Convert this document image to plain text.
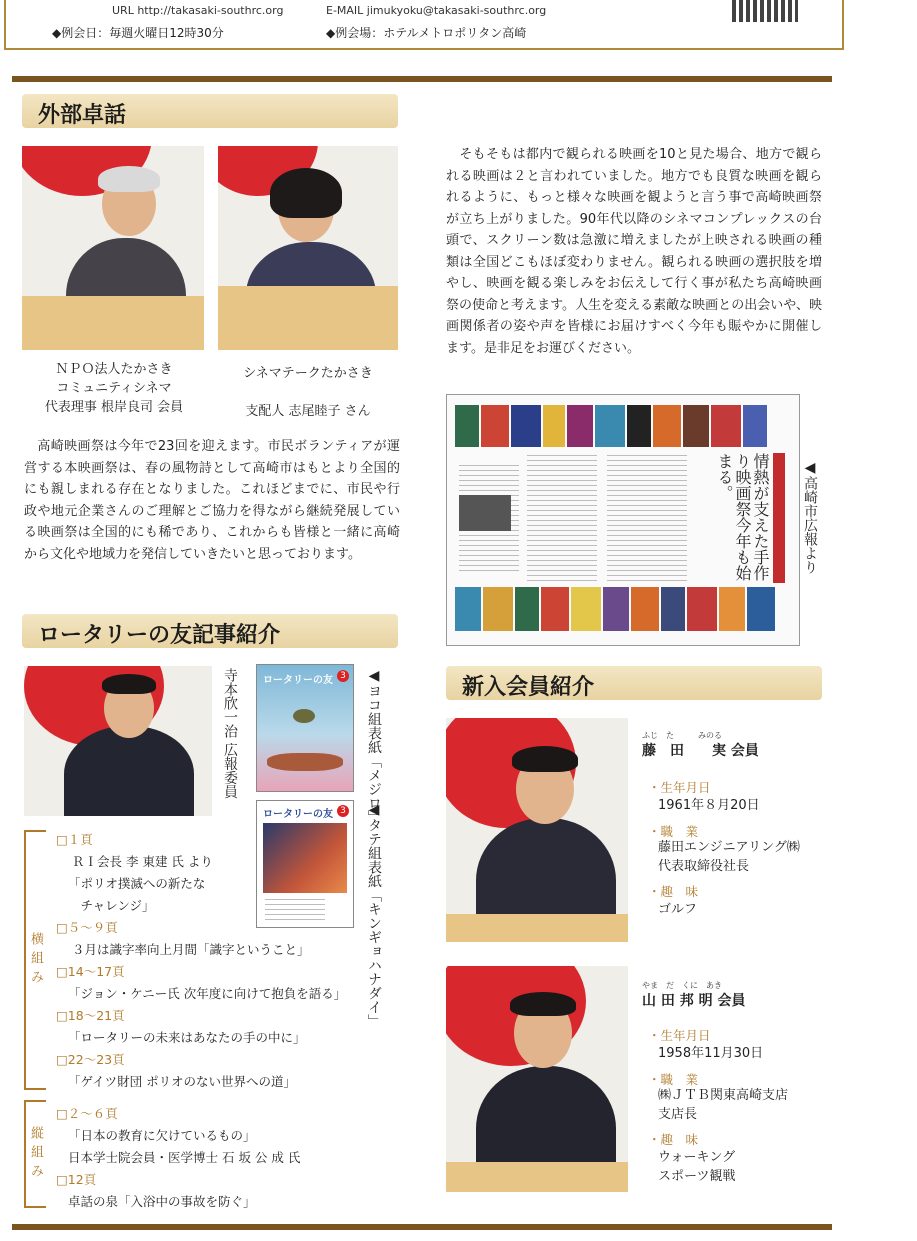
URL http://takasaki-southrc.org	E-MAIL jimukyoku@takasaki-southrc.org
◆例会日：毎週火曜日12時30分	◆例会場：ホテルメトロポリタン高崎
外部卓話
ＮＰＯ法人たかさき
コミュニティシネマ
代表理事 根岸良司 会員
シネマテークたかさき

支配人 志尾睦子 さん
　高崎映画祭は今年で23回を迎えます。市民ボランティアが運営する本映画祭は、春の風物詩として高崎市はもとより全国的にも親しまれる存在となりました。これほどまでに、市民や行政や地元企業さんのご理解とご協力を得ながら継続発展している映画祭は全国的にも稀であり、これからも皆様と一緒に高崎から文化や地域力を発信していきたいと思っております。
　そもそもは都内で観られる映画を10と見た場合、地方で観られる映画は２と言われていました。地方でも良質な映画を観られるように、もっと様々な映画を観ようと言う事で高崎映画祭が立ち上がりました。90年代以降のシネマコンプレックスの台頭で、スクリーン数は急激に増えましたが上映される映画の種類は全国どこもほぼ変わりません。観られる映画の選択肢を増やし、映画を観る楽しみをお伝えして行く事が私たち高崎映画祭の使命と考えます。人生を変える素敵な映画との出会いや、映画関係者の姿や声を皆様にお届けすべく今年も賑やかに開催します。是非足をお運びください。
情熱が支えた手作り映画祭今年も始まる。	◀高崎市広報より
ロータリーの友記事紹介
寺本欣一治 広報委員	ロータリーの友 3
ロータリーの友 3 ◀ヨコ組表紙「メジロ」
◀タテ組表紙「キンギョハナダイ」
横組み
縦組み
□１頁
ＲＩ会長 李 東建 氏 より
「ポリオ撲滅への新たな
　チャレンジ」
□５～９頁
３月は識字率向上月間「識字ということ」
□14～17頁
「ジョン・ケニー氏 次年度に向けて抱負を語る」
□18～21頁
「ロータリーの未来はあなたの手の中に」
□22～23頁
「ゲイツ財団 ポリオのない世界への道」
□２～６頁
「日本の教育に欠けているもの」
日本学士院会員・医学博士 石 坂 公 成 氏
□12頁
卓話の泉「入浴中の事故を防ぐ」
新入会員紹介
ふじ　た　　　みのる
藤　田　　実 会員
・生年月日
1961年８月20日
・職　業
藤田エンジニアリング㈱
代表取締役社長
・趣　味
ゴルフ
やま　だ　くに　あき
山 田 邦 明 会員
・生年月日
1958年11月30日
・職　業
㈱ＪＴＢ関東高崎支店
支店長
・趣　味
ウォーキング
スポーツ観戦
